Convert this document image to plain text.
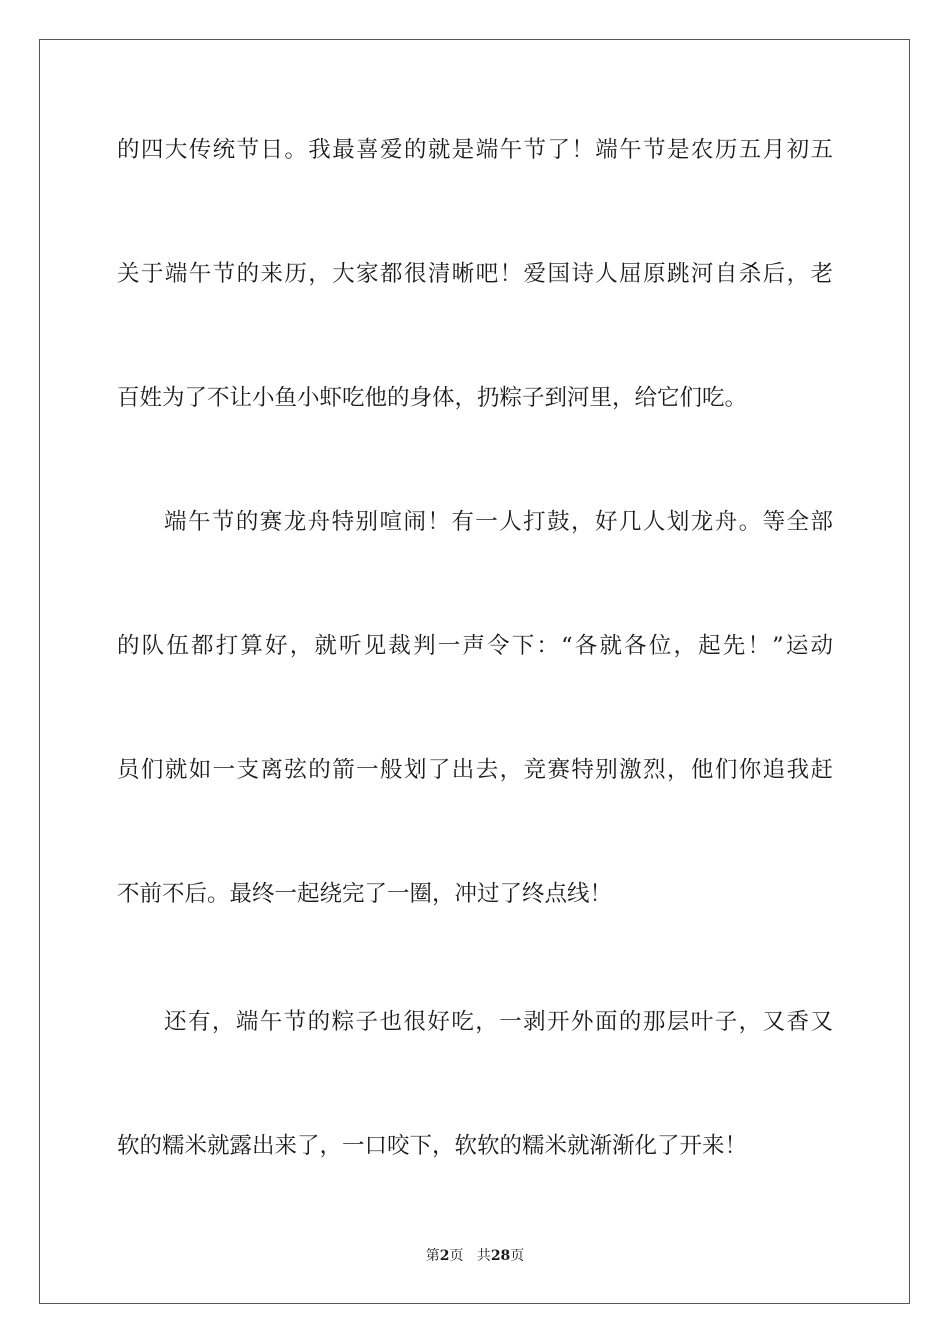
的四大传统节日。我最喜爱的就是端午节了！端午节是农历五月初五
关于端午节的来历，大家都很清晰吧！爱国诗人屈原跳河自杀后，老
百姓为了不让小鱼小虾吃他的身体，扔粽子到河里，给它们吃。
端午节的赛龙舟特别喧闹！有一人打鼓，好几人划龙舟。等全部
的队伍都打算好，就听见裁判一声令下：“各就各位，起先！”运动
员们就如一支离弦的箭一般划了出去，竞赛特别激烈，他们你追我赶
不前不后。最终一起绕完了一圈，冲过了终点线！
还有，端午节的粽子也很好吃，一剥开外面的那层叶子，又香又
软的糯米就露出来了，一口咬下，软软的糯米就渐渐化了开来！
第2页 共28页
